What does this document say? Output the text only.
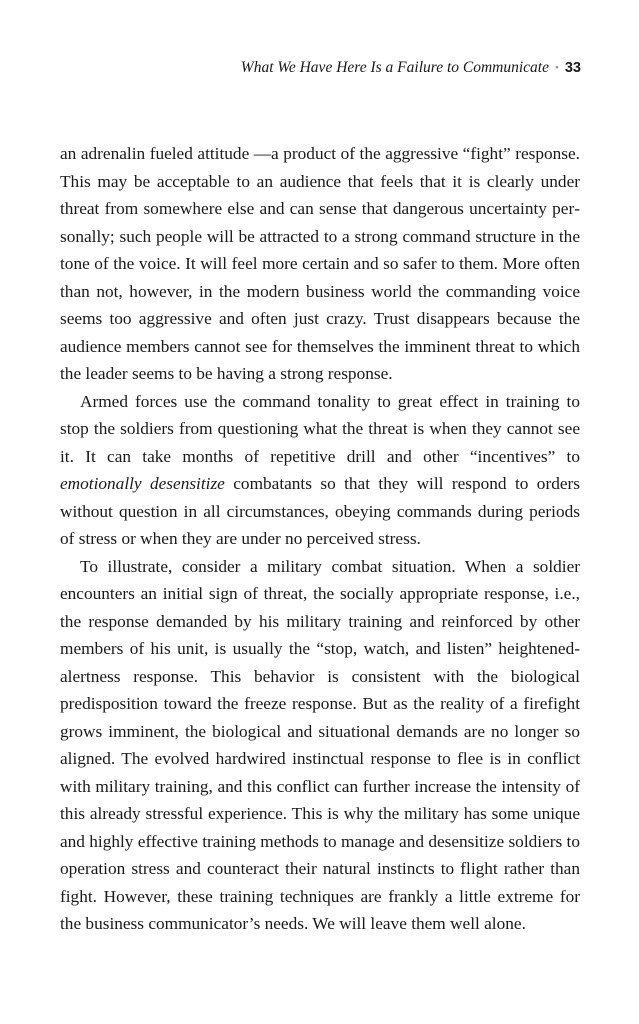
What We Have Here Is a Failure to Communicate • 33

an adrenalin fueled attitude —a product of the aggressive “fight” response. This may be acceptable to an audience that feels that it is clearly under threat from somewhere else and can sense that dangerous uncertainty personally; such people will be attracted to a strong command structure in the tone of the voice. It will feel more certain and so safer to them. More often than not, however, in the modern business world the commanding voice seems too aggressive and often just crazy. Trust disappears because the audience members cannot see for themselves the imminent threat to which the leader seems to be having a strong response.

Armed forces use the command tonality to great effect in training to stop the soldiers from questioning what the threat is when they cannot see it. It can take months of repetitive drill and other “incentives” to emotionally desensitize combatants so that they will respond to orders without question in all circumstances, obeying commands during periods of stress or when they are under no perceived stress.

To illustrate, consider a military combat situation. When a soldier encounters an initial sign of threat, the socially appropriate response, i.e., the response demanded by his military training and reinforced by other members of his unit, is usually the “stop, watch, and listen” heightened-alertness response. This behavior is consistent with the biological predisposition toward the freeze response. But as the reality of a firefight grows imminent, the biological and situational demands are no longer so aligned. The evolved hardwired instinctual response to flee is in conflict with military training, and this conflict can further increase the intensity of this already stressful experience. This is why the military has some unique and highly effective training methods to manage and desensitize soldiers to operation stress and counteract their natural instincts to flight rather than fight. However, these training techniques are frankly a little extreme for the business communicator’s needs. We will leave them well alone.
